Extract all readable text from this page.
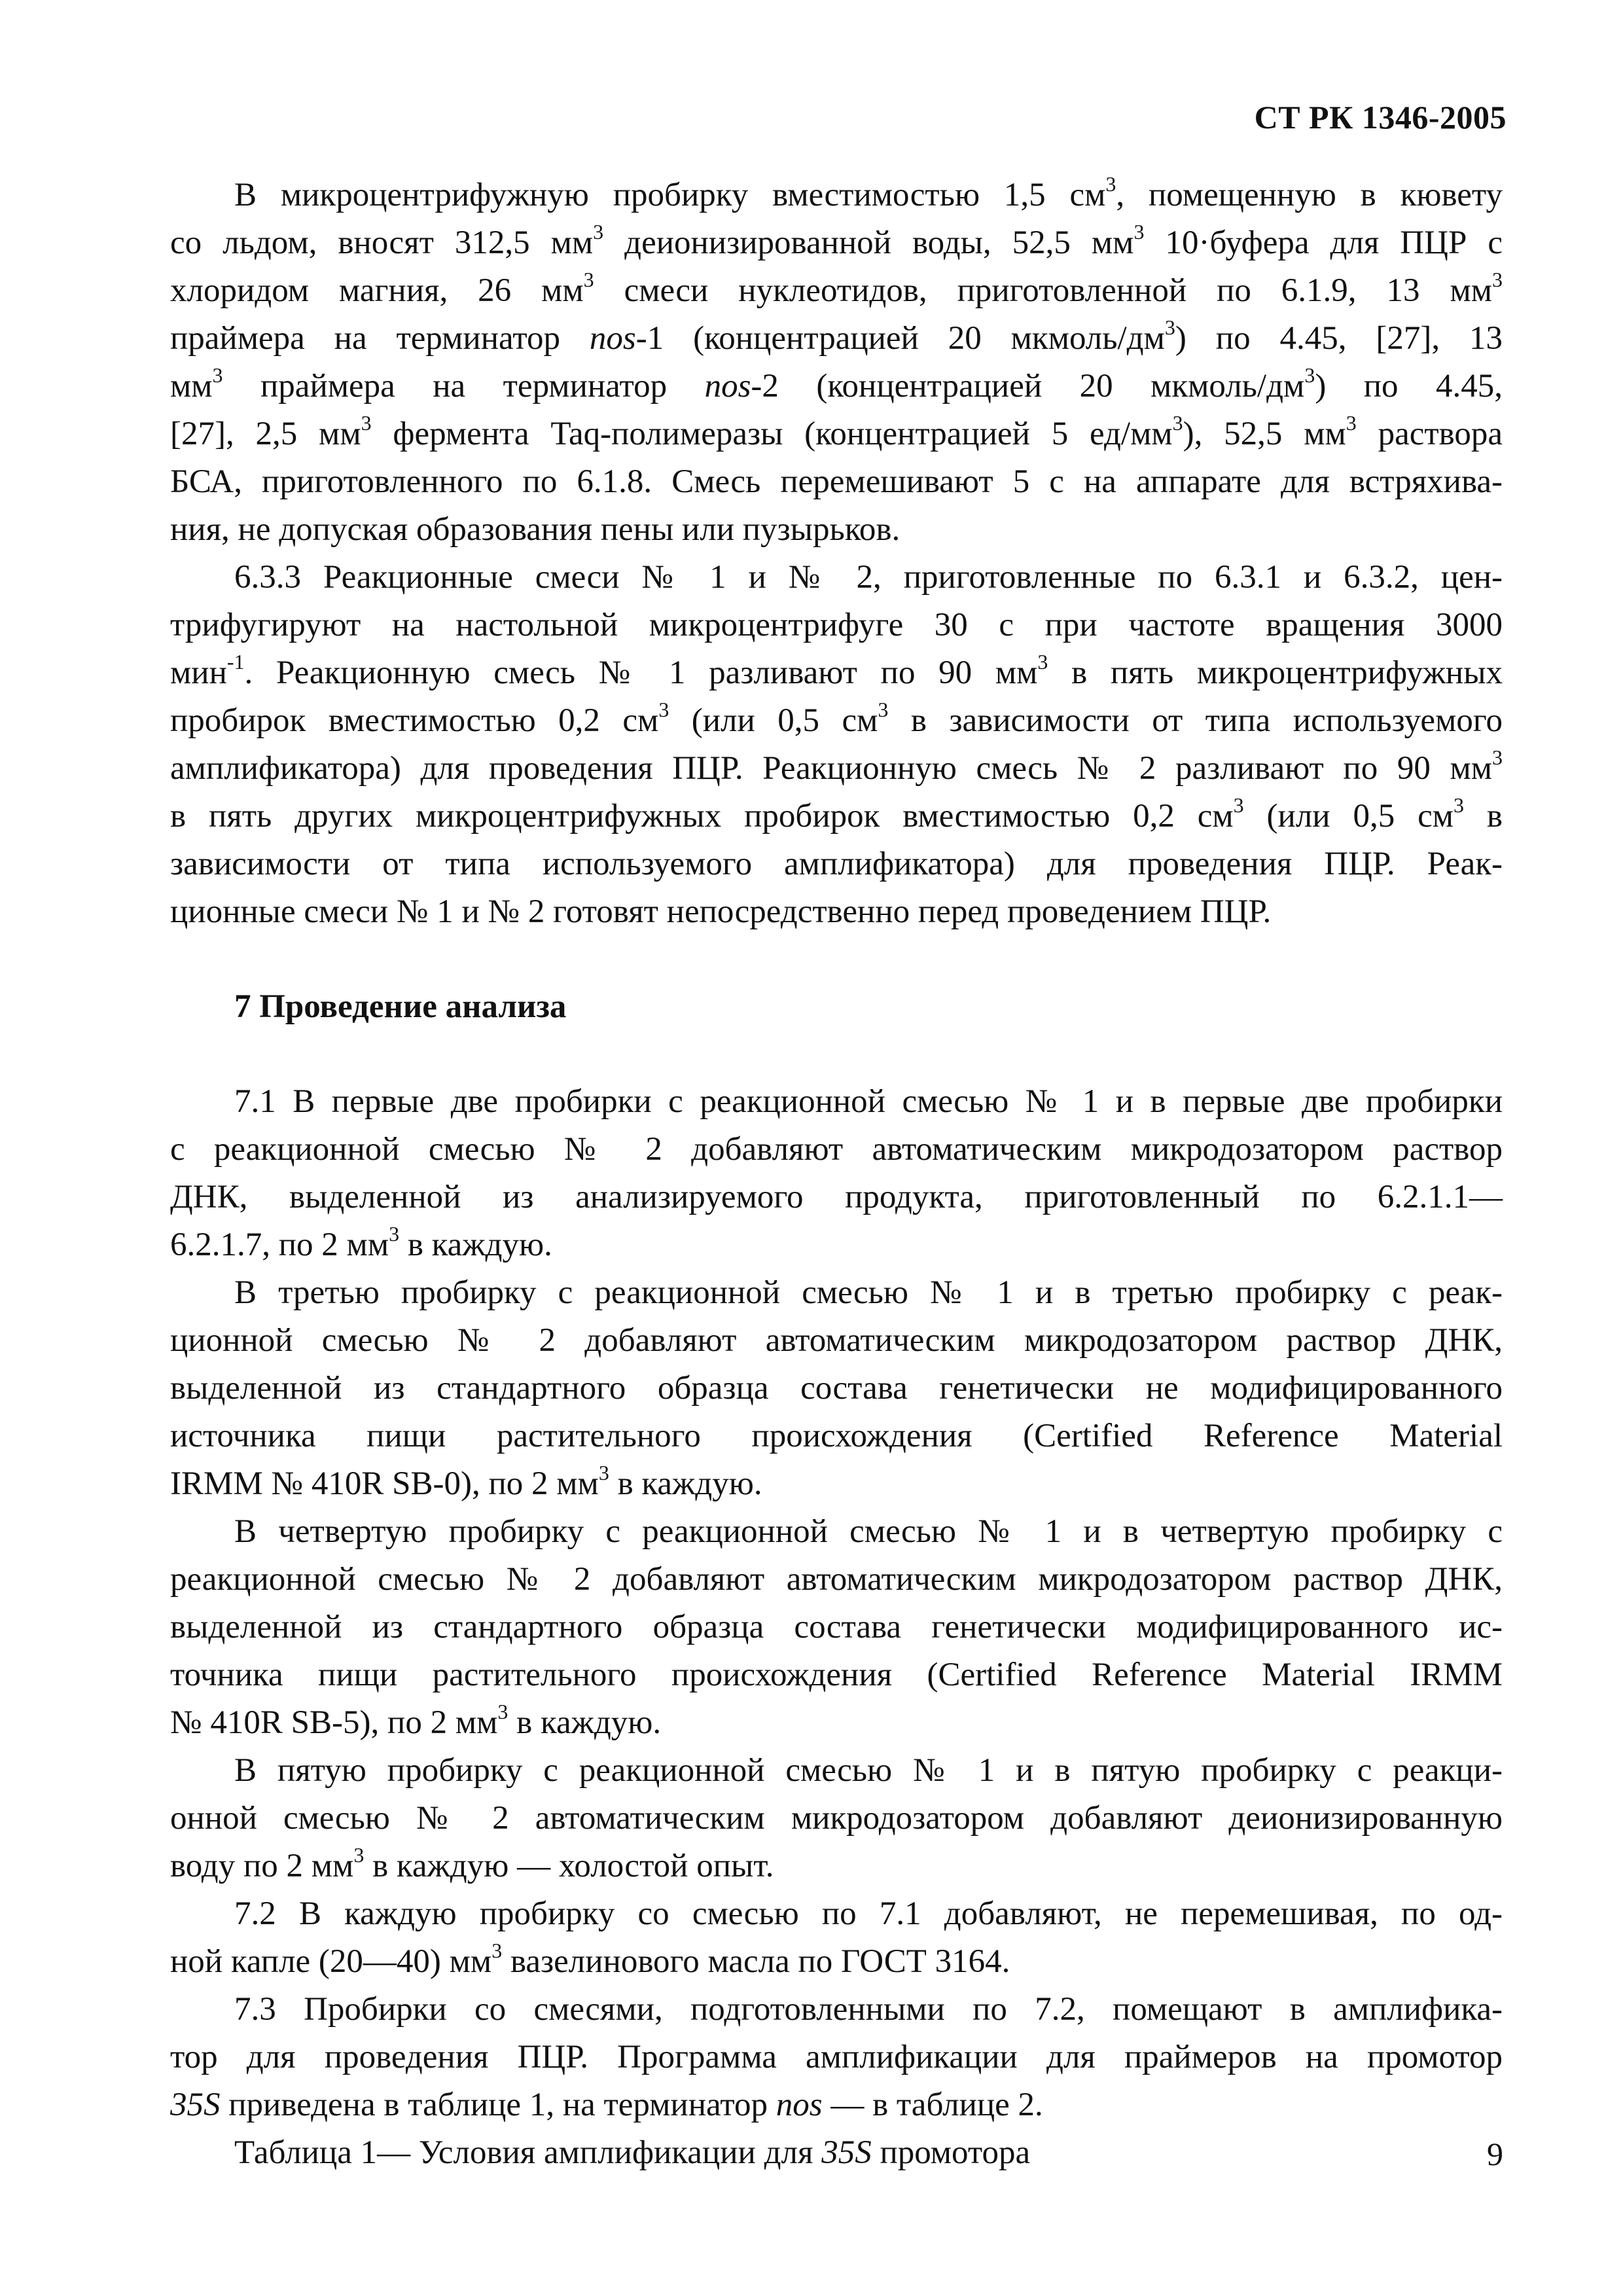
СТ РК 1346-2005
В микроцентрифужную пробирку вместимостью 1,5 $см^3$, помещенную в кювету
со льдом, вносят 312,5 $мм^3$ деионизированной воды, 52,5 $мм^3$ 10·буфера для ПЦР с
хлоридом магния, 26 $мм^3$ смеси нуклеотидов, приготовленной по 6.1.9, 13 $мм^3$
праймера на терминатор nos-1 (концентрацией 20 мкмоль/$дм^3$) по 4.45, [27], 13
$мм^3$ праймера на терминатор nos-2 (концентрацией 20 мкмоль/$дм^3$) по 4.45,
[27], 2,5 $мм^3$ фермента Taq-полимеразы (концентрацией 5 $ед/мм^3$), 52,5 $мм^3$ раствора
БСА, приготовленного по 6.1.8. Смесь перемешивают 5 с на аппарате для встряхива-
ния, не допуская образования пены или пузырьков.
6.3.3 Реакционные смеси № 1 и № 2, приготовленные по 6.3.1 и 6.3.2, цен-
трифугируют на настольной микроцентрифуге 30 с при частоте вращения 3000
мин$^{-1}$. Реакционную смесь № 1 разливают по 90 $мм^3$ в пять микроцентрифужных
пробирок вместимостью 0,2 $см^3$ (или 0,5 $см^3$ в зависимости от типа используемого
амплификатора) для проведения ПЦР. Реакционную смесь № 2 разливают по 90 $мм^3$
в пять других микроцентрифужных пробирок вместимостью 0,2 $см^3$ (или 0,5 $см^3$ в
зависимости от типа используемого амплификатора) для проведения ПЦР. Реак-
ционные смеси № 1 и № 2 готовят непосредственно перед проведением ПЦР.
7 Проведение анализа
7.1 В первые две пробирки с реакционной смесью № 1 и в первые две пробирки
с реакционной смесью № 2 добавляют автоматическим микродозатором раствор
ДНК, выделенной из анализируемого продукта, приготовленный по 6.2.1.1—
6.2.1.7, по 2 $мм^3$ в каждую.
В третью пробирку с реакционной смесью № 1 и в третью пробирку с реак-
ционной смесью № 2 добавляют автоматическим микродозатором раствор ДНК,
выделенной из стандартного образца состава генетически не модифицированного
источника пищи растительного происхождения (Certified Reference Material
IRMM № 410R SB-0), по 2 $мм^3$ в каждую.
В четвертую пробирку с реакционной смесью № 1 и в четвертую пробирку с
реакционной смесью № 2 добавляют автоматическим микродозатором раствор ДНК,
выделенной из стандартного образца состава генетически модифицированного ис-
точника пищи растительного происхождения (Certified Reference Material IRMM
№ 410R SB-5), по 2 $мм^3$ в каждую.
В пятую пробирку с реакционной смесью № 1 и в пятую пробирку с реакци-
онной смесью № 2 автоматическим микродозатором добавляют деионизированную
воду по 2 $мм^3$ в каждую — холостой опыт.
7.2 В каждую пробирку со смесью по 7.1 добавляют, не перемешивая, по од-
ной капле (20—40) $мм^3$ вазелинового масла по ГОСТ 3164.
7.3 Пробирки со смесями, подготовленными по 7.2, помещают в амплифика-
тор для проведения ПЦР. Программа амплификации для праймеров на промотор
35S приведена в таблице 1, на терминатор nos — в таблице 2.
Таблица 1— Условия амплификации для 35S промотора	9
